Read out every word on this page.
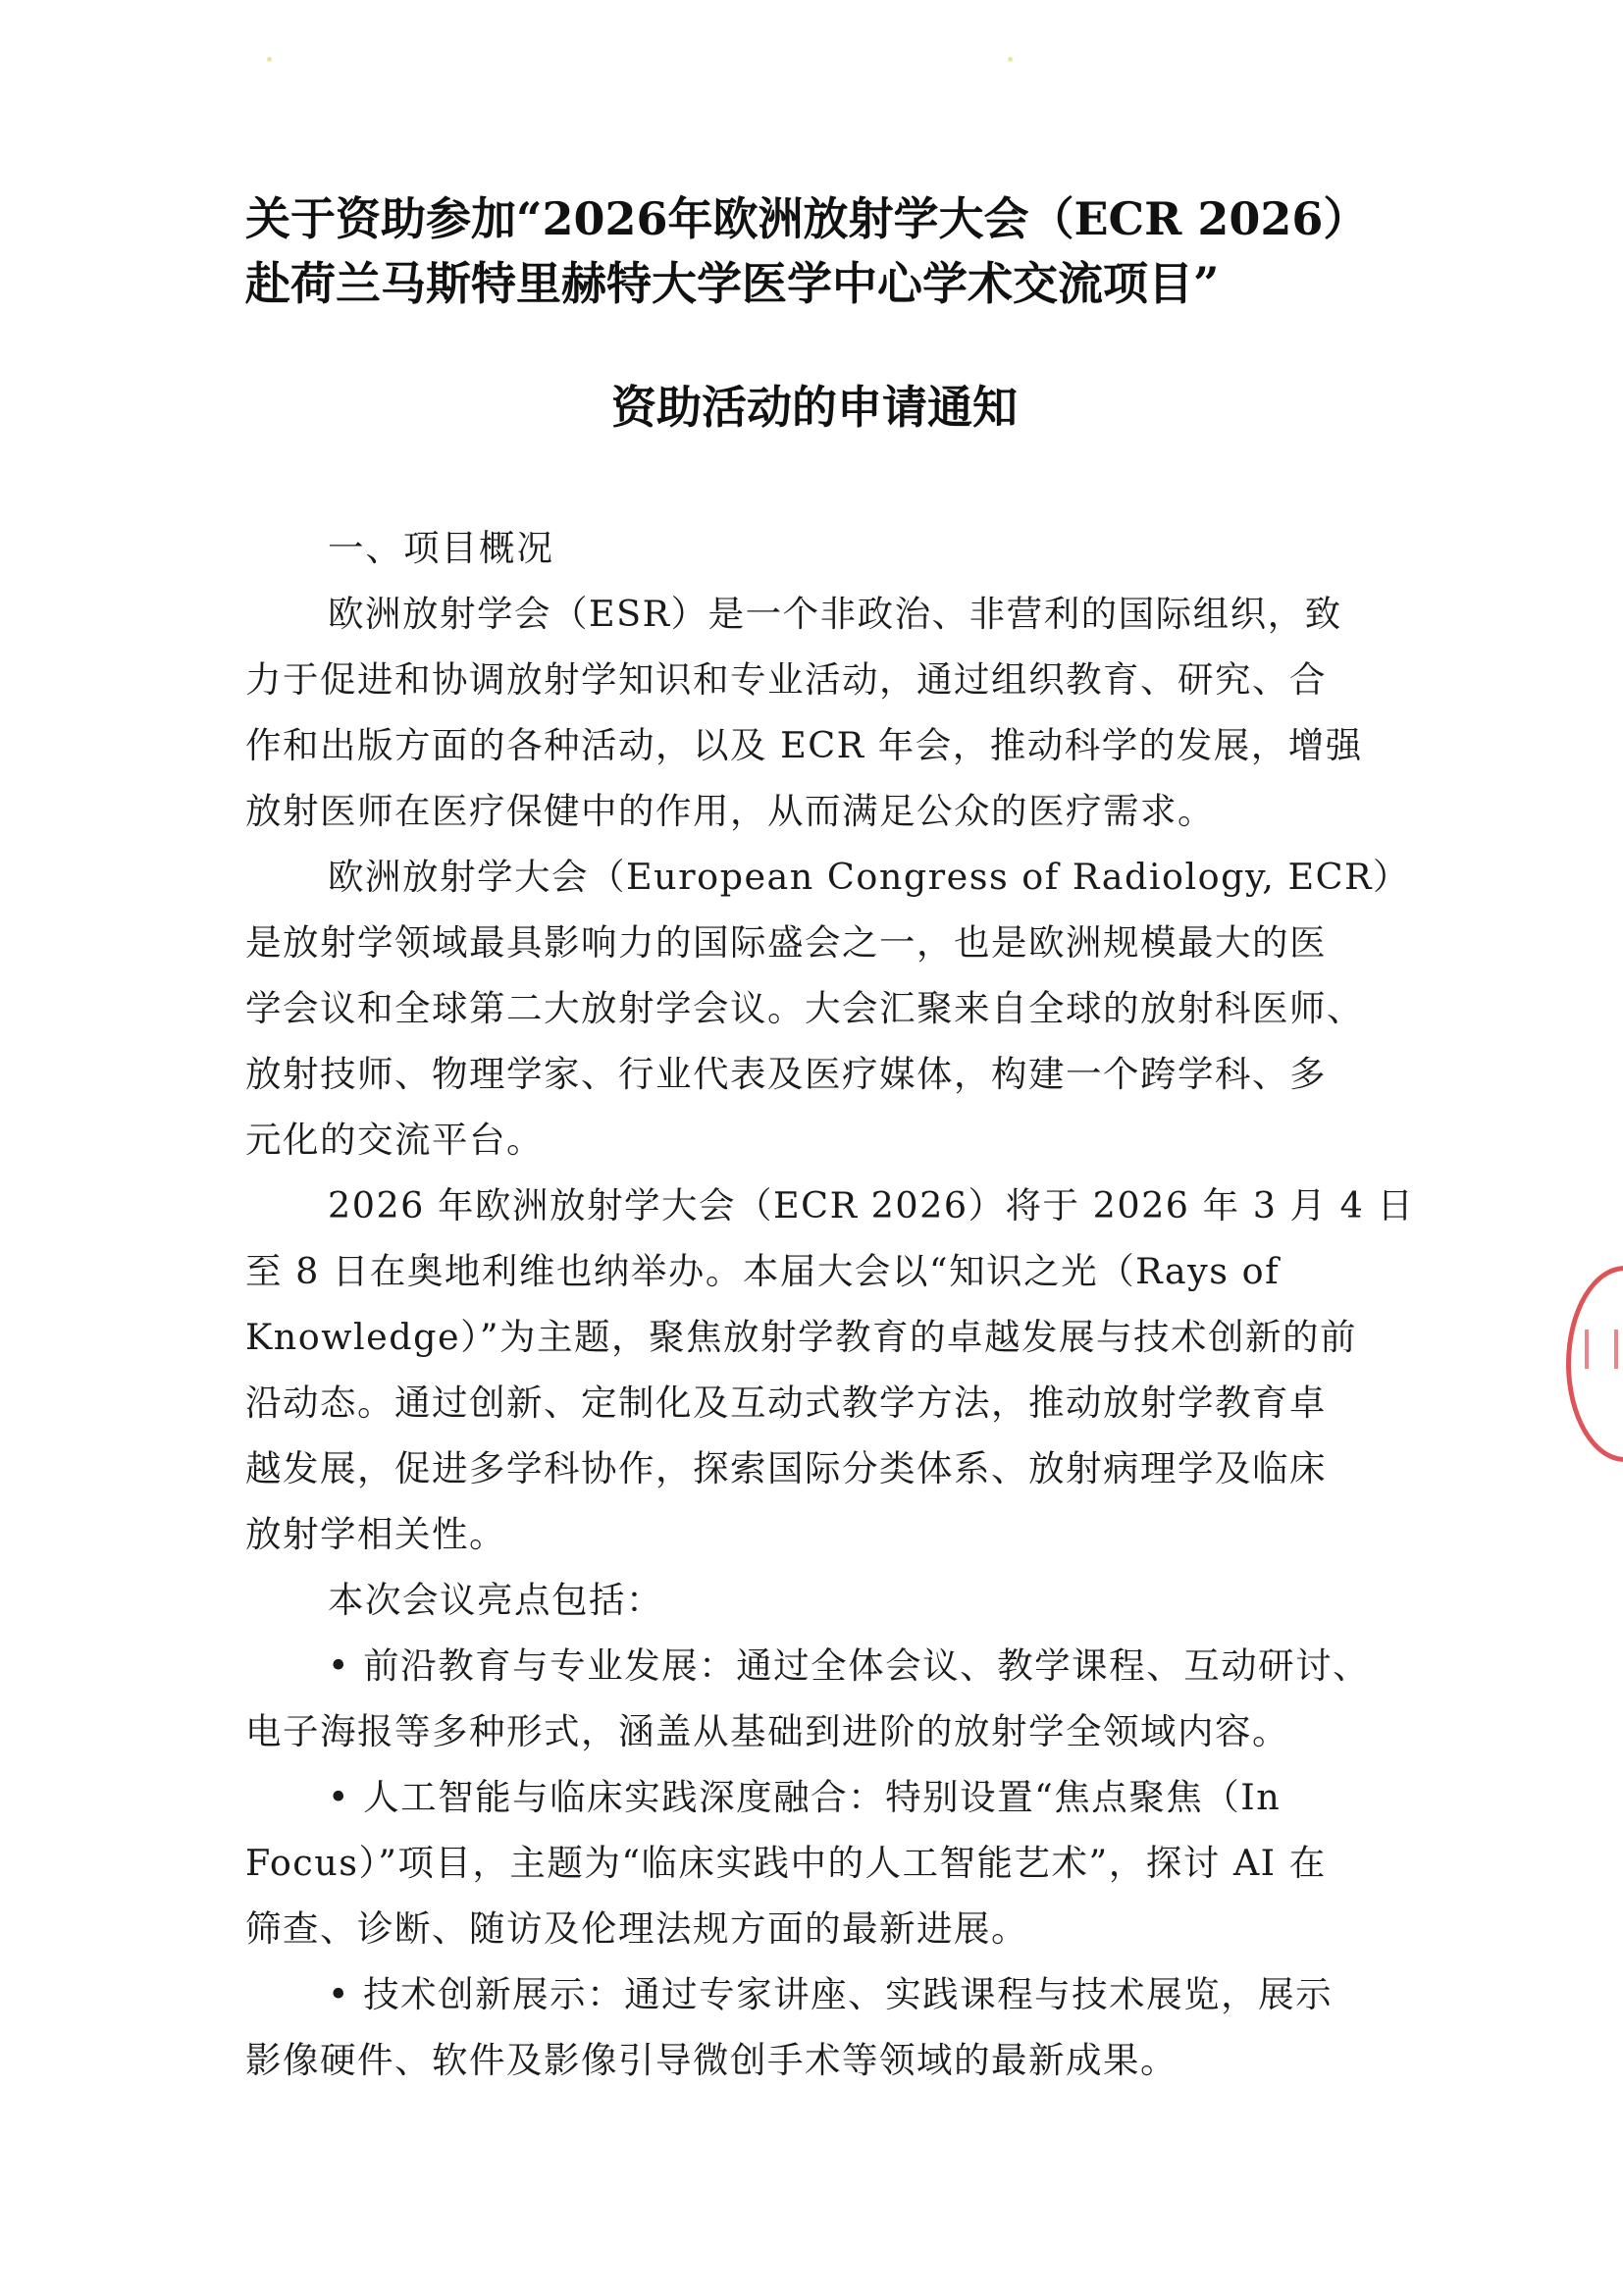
关于资助参加“2026年欧洲放射学大会（ECR 2026）
赴荷兰马斯特里赫特大学医学中心学术交流项目”
资助活动的申请通知
一、项目概况
欧洲放射学会（ESR）是一个非政治、非营利的国际组织，致
力于促进和协调放射学知识和专业活动，通过组织教育、研究、合
作和出版方面的各种活动，以及 ECR 年会，推动科学的发展，增强
放射医师在医疗保健中的作用，从而满足公众的医疗需求。
欧洲放射学大会（European Congress of Radiology, ECR）
是放射学领域最具影响力的国际盛会之一，也是欧洲规模最大的医
学会议和全球第二大放射学会议。大会汇聚来自全球的放射科医师、
放射技师、物理学家、行业代表及医疗媒体，构建一个跨学科、多
元化的交流平台。
2026 年欧洲放射学大会（ECR 2026）将于 2026 年 3 月 4 日
至 8 日在奥地利维也纳举办。本届大会以“知识之光（Rays of
Knowledge）”为主题，聚焦放射学教育的卓越发展与技术创新的前
沿动态。通过创新、定制化及互动式教学方法，推动放射学教育卓
越发展，促进多学科协作，探索国际分类体系、放射病理学及临床
放射学相关性。
本次会议亮点包括：
• 前沿教育与专业发展：通过全体会议、教学课程、互动研讨、
电子海报等多种形式，涵盖从基础到进阶的放射学全领域内容。
• 人工智能与临床实践深度融合：特别设置“焦点聚焦（In
Focus）”项目，主题为“临床实践中的人工智能艺术”，探讨 AI 在
筛查、诊断、随访及伦理法规方面的最新进展。
• 技术创新展示：通过专家讲座、实践课程与技术展览，展示
影像硬件、软件及影像引导微创手术等领域的最新成果。
